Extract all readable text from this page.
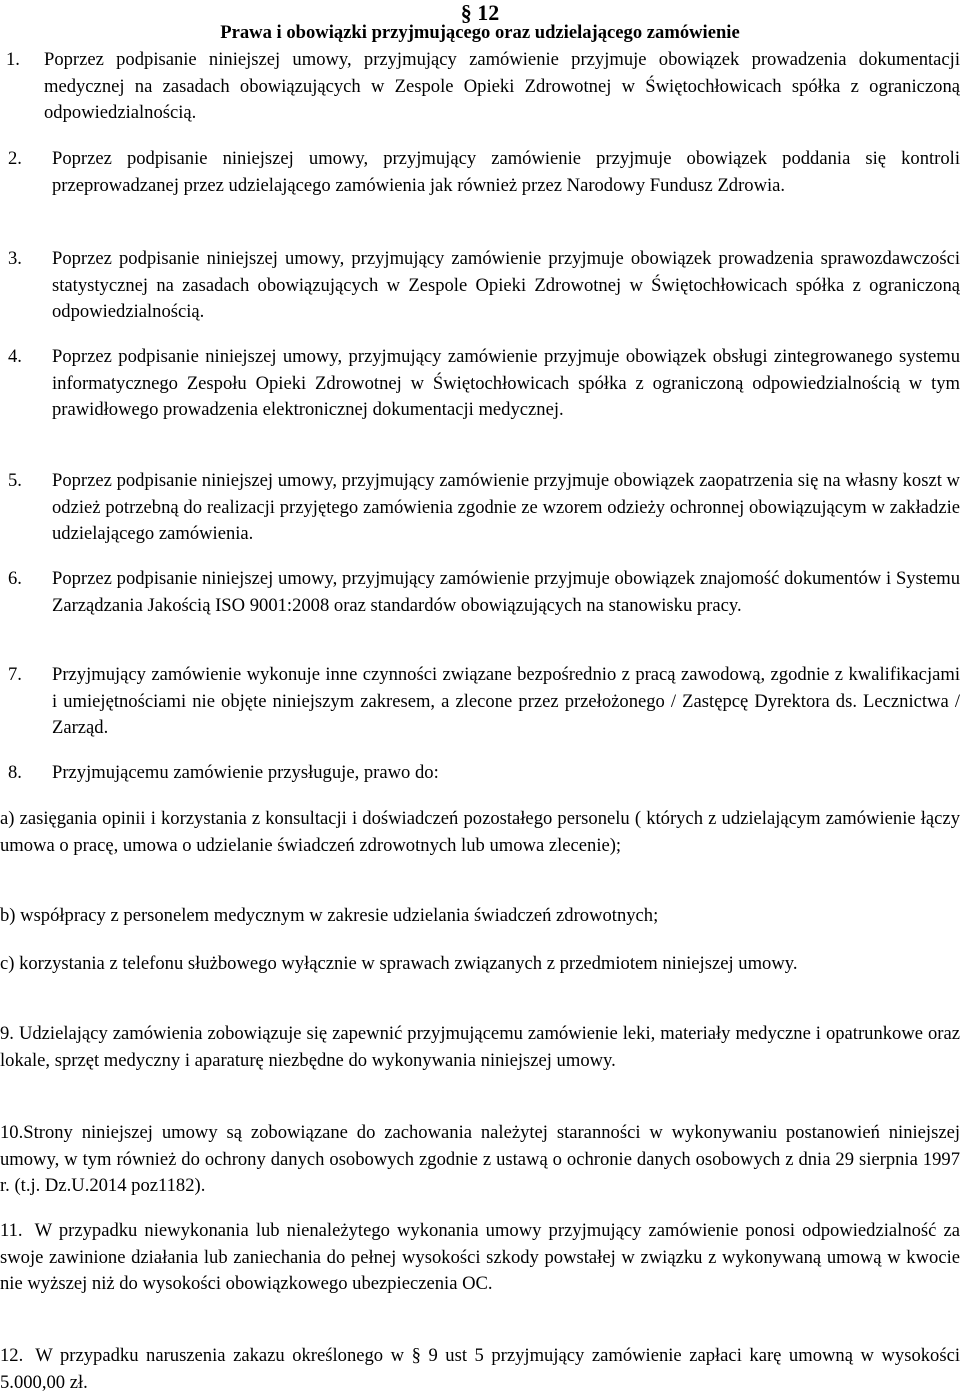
§ 12
Prawa i obowiązki przyjmującego oraz udzielającego zamówienie
1. Poprzez podpisanie niniejszej umowy, przyjmujący zamówienie przyjmuje obowiązek prowadzenia dokumentacji medycznej na zasadach obowiązujących w Zespole Opieki Zdrowotnej w Świętochłowicach spółka z ograniczoną odpowiedzialnością.
2. Poprzez podpisanie niniejszej umowy, przyjmujący zamówienie przyjmuje obowiązek poddania się kontroli przeprowadzanej przez udzielającego zamówienia jak również przez Narodowy Fundusz Zdrowia.
3. Poprzez podpisanie niniejszej umowy, przyjmujący zamówienie przyjmuje obowiązek prowadzenia sprawozdawczości statystycznej na zasadach obowiązujących w Zespole Opieki Zdrowotnej w Świętochłowicach spółka z ograniczoną odpowiedzialnością.
4. Poprzez podpisanie niniejszej umowy, przyjmujący zamówienie przyjmuje obowiązek obsługi zintegrowanego systemu informatycznego Zespołu Opieki Zdrowotnej w Świętochłowicach spółka z ograniczoną odpowiedzialnością w tym prawidłowego prowadzenia elektronicznej dokumentacji medycznej.
5. Poprzez podpisanie niniejszej umowy, przyjmujący zamówienie przyjmuje obowiązek zaopatrzenia się na własny koszt w odzież potrzebną do realizacji przyjętego zamówienia zgodnie ze wzorem odzieży ochronnej obowiązującym w zakładzie udzielającego zamówienia.
6. Poprzez podpisanie niniejszej umowy, przyjmujący zamówienie przyjmuje obowiązek znajomość dokumentów i Systemu Zarządzania Jakością ISO 9001:2008 oraz standardów obowiązujących na stanowisku pracy.
7. Przyjmujący zamówienie wykonuje inne czynności związane bezpośrednio z pracą zawodową, zgodnie z kwalifikacjami i umiejętnościami nie objęte niniejszym zakresem, a zlecone przez przełożonego / Zastępcę Dyrektora ds. Lecznictwa / Zarząd.
8. Przyjmującemu zamówienie przysługuje, prawo do:
a) zasięgania opinii i korzystania z konsultacji i doświadczeń pozostałego personelu ( których z udzielającym zamówienie łączy umowa o pracę, umowa o udzielanie świadczeń zdrowotnych lub umowa zlecenie);
b) współpracy z personelem medycznym w zakresie udzielania świadczeń zdrowotnych;
c) korzystania z telefonu służbowego wyłącznie w sprawach związanych z przedmiotem niniejszej umowy.
9. Udzielający zamówienia zobowiązuje się zapewnić przyjmującemu zamówienie leki, materiały medyczne i opatrunkowe oraz lokale, sprzęt medyczny i aparaturę niezbędne do wykonywania niniejszej umowy.
10.Strony niniejszej umowy są zobowiązane do zachowania należytej staranności w wykonywaniu postanowień niniejszej umowy, w tym również do ochrony danych osobowych zgodnie z ustawą o ochronie danych osobowych z dnia 29 sierpnia 1997 r. (t.j. Dz.U.2014 poz1182).
11. W przypadku niewykonania lub nienależytego wykonania umowy przyjmujący zamówienie ponosi odpowiedzialność za swoje zawinione działania lub zaniechania do pełnej wysokości szkody powstałej w związku z wykonywaną umową w kwocie nie wyższej niż do wysokości obowiązkowego ubezpieczenia OC.
12. W przypadku naruszenia zakazu określonego w § 9 ust 5 przyjmujący zamówienie zapłaci karę umowną w wysokości 5.000,00 zł.
